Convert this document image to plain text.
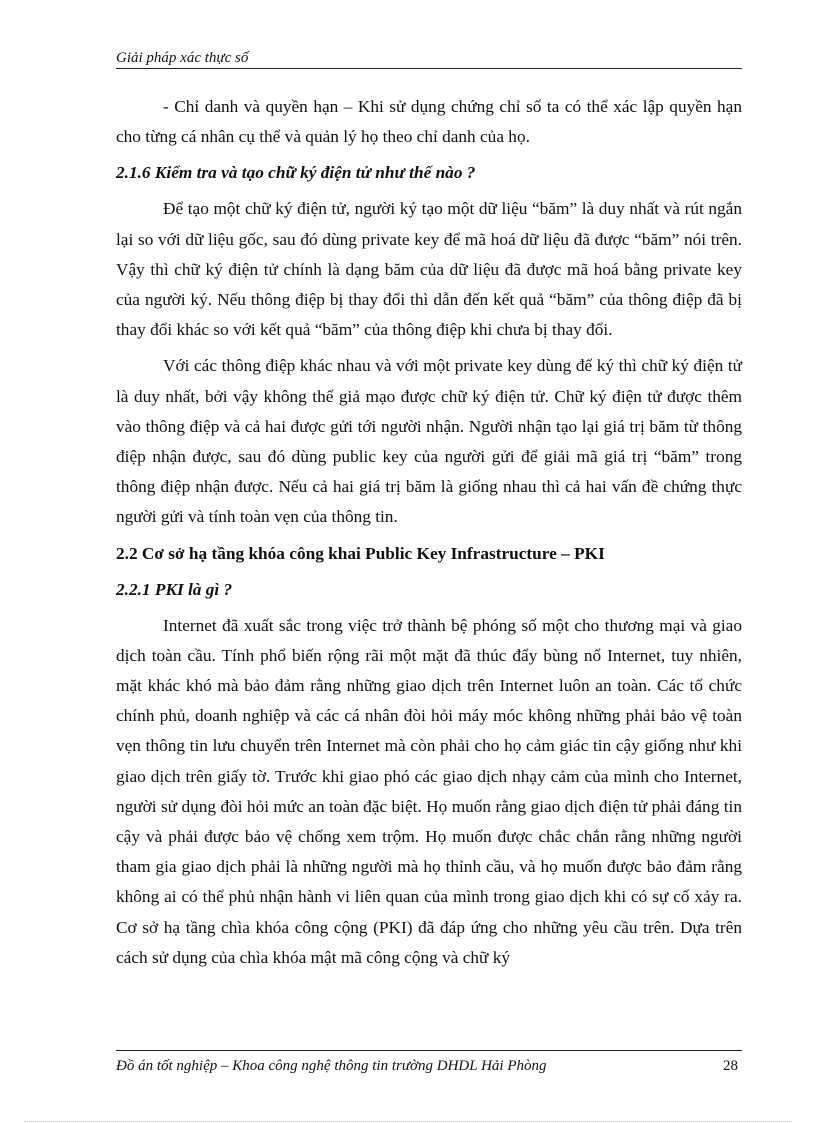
Giải pháp xác thực số

- Chỉ danh và quyền hạn – Khi sử dụng chứng chỉ số ta có thể xác lập quyền hạn cho từng cá nhân cụ thể và quản lý họ theo chỉ danh của họ.

2.1.6 Kiểm tra và tạo chữ ký điện tử như thế nào ?

Để tạo một chữ ký điện tử, người ký tạo một dữ liệu “băm” là duy nhất và rút ngắn lại so với dữ liệu gốc, sau đó dùng private key để mã hoá dữ liệu đã được “băm” nói trên. Vậy thì chữ ký điện tử chính là dạng băm của dữ liệu đã được mã hoá bằng private key của người ký. Nếu thông điệp bị thay đổi thì dẫn đến kết quả “băm” của thông điệp đã bị thay đổi khác so với kết quả “băm” của thông điệp khi chưa bị thay đổi.

Với các thông điệp khác nhau và với một private key dùng để ký thì chữ ký điện tử là duy nhất, bởi vậy không thể giả mạo được chữ ký điện tử. Chữ ký điện tử được thêm vào thông điệp và cả hai được gửi tới người nhận. Người nhận tạo lại giá trị băm từ thông điệp nhận được, sau đó dùng public key của người gửi để giải mã giá trị “băm” trong thông điệp nhận được. Nếu cả hai giá trị băm là giống nhau thì cả hai vấn đề chứng thực người gửi và tính toàn vẹn của thông tin.

2.2 Cơ sở hạ tầng khóa công khai Public Key Infrastructure – PKI
2.2.1 PKI là gì ?

Internet đã xuất sắc trong việc trở thành bệ phóng số một cho thương mại và giao dịch toàn cầu. Tính phổ biến rộng rãi một mặt đã thúc đẩy bùng nổ Internet, tuy nhiên, mặt khác khó mà bảo đảm rằng những giao dịch trên Internet luôn an toàn. Các tổ chức chính phủ, doanh nghiệp và các cá nhân đòi hỏi máy móc không những phải bảo vệ toàn vẹn thông tin lưu chuyển trên Internet mà còn phải cho họ cảm giác tin cậy giống như khi giao dịch trên giấy tờ. Trước khi giao phó các giao dịch nhạy cảm của mình cho Internet, người sử dụng đòi hỏi mức an toàn đặc biệt. Họ muốn rằng giao dịch điện tử phải đáng tin cậy và phải được bảo vệ chống xem trộm. Họ muốn được chắc chắn rằng những người tham gia giao dịch phải là những người mà họ thỉnh cầu, và họ muốn được bảo đảm rằng không ai có thể phủ nhận hành vi liên quan của mình trong giao dịch khi có sự cố xảy ra. Cơ sở hạ tầng chìa khóa công cộng (PKI) đã đáp ứng cho những yêu cầu trên. Dựa trên cách sử dụng của chìa khóa mật mã công cộng và chữ ký

Đồ án tốt nghiệp – Khoa công nghệ thông tin trường DHDL Hải Phòng	28
